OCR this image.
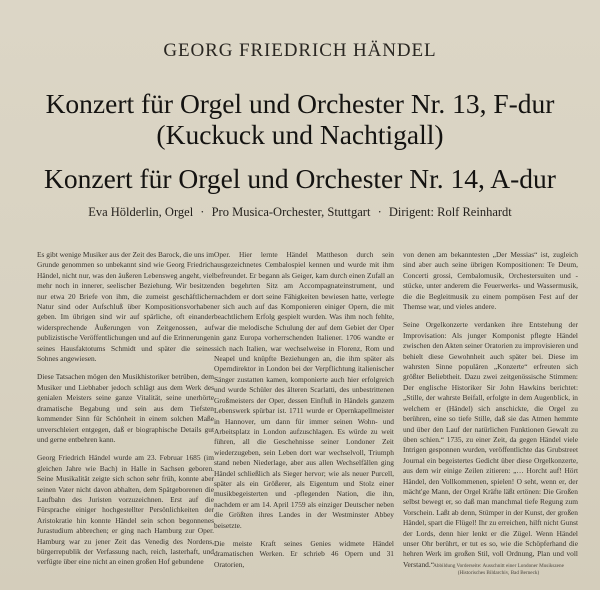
GEORG FRIEDRICH HÄNDEL
Konzert für Orgel und Orchester Nr. 13, F-dur
(Kuckuck und Nachtigall)
Konzert für Orgel und Orchester Nr. 14, A-dur
Eva Hölderlin, Orgel · Pro Musica-Orchester, Stuttgart · Dirigent: Rolf Reinhardt

Es gibt wenige Musiker aus der Zeit des Barock, die uns im Grunde genommen so unbekannt sind wie Georg Friedrich Händel, nicht nur, was den äußeren Lebensweg angeht, viel mehr noch in innerer, seelischer Beziehung. Wir besitzen nur etwa 20 Briefe von ihm, die zumeist geschäftlicher Natur sind oder Aufschluß über Kompositionsvorhaben geben. Im übrigen sind wir auf spärliche, oft einander widersprechende Äußerungen von Zeitgenossen, auf publizistische Veröffentlichungen und auf die Erinnerungen seines Hausfaktotums Schmidt und später die seines Sohnes angewiesen.

Diese Tatsachen mögen den Musikhistoriker betrüben, dem Musiker und Liebhaber jedoch schlägt aus dem Werk des genialen Meisters seine ganze Vitalität, seine unerhörte dramatische Begabung und sein aus dem Tiefsten kommender Sinn für Schönheit in einem solchen Maße unverschleiert entgegen, daß er biographische Details gut und gerne entbehren kann.

Georg Friedrich Händel wurde am 23. Februar 1685 (im gleichen Jahre wie Bach) in Halle in Sachsen geboren. Seine Musikalität zeigte sich schon sehr früh, konnte aber seinen Vater nicht davon abhalten, dem Spätgeborenen die Laufbahn des Juristen vorzuzeichnen. Erst auf die Fürsprache einiger hochgestellter Persönlichkeiten der Aristokratie hin konnte Händel sein schon begonnenes Jurastudium abbrechen; er ging nach Hamburg zur Oper. Hamburg war zu jener Zeit das Venedig des Nordens, bürgerrepublik der Verfassung nach, reich, lasterhaft, und verfügte über eine nicht an einen großen Hof gebundene

Oper. Hier lernte Händel Mattheson durch sein ausgezeichnetes Cembalospiel kennen und wurde mit ihm befreundet. Er begann als Geiger, kam durch einen Zufall an den begehrten Sitz am Accompagnateinstrument, und nachdem er dort seine Fähigkeiten bewiesen hatte, verlegte er sich auch auf das Komponieren einiger Opern, die mit beachtlichem Erfolg gespielt wurden. Was ihm noch fehlte, war die melodische Schulung der auf dem Gebiet der Oper in ganz Europa vorherrschenden Italiener. 1706 wandte er sich nach Italien, war wechselweise in Florenz, Rom und Neapel und knüpfte Beziehungen an, die ihm später als Operndirektor in London bei der Verpflichtung italienischer Sänger zustatten kamen, komponierte auch hier erfolgreich und wurde Schüler des älteren Scarlatti, des unbestrittenen Großmeisters der Oper, dessen Einfluß in Händels ganzem Lebenswerk spürbar ist. 1711 wurde er Opernkapellmeister in Hannover, um dann für immer seinen Wohn- und Arbeitsplatz in London aufzuschlagen. Es würde zu weit führen, all die Geschehnisse seiner Londoner Zeit wiederzugeben, sein Leben dort war wechselvoll, Triumph stand neben Niederlage, aber aus allen Wechselfällen ging Händel schließlich als Sieger hervor; wie als neuer Purcell, später als ein Größerer, als Eigentum und Stolz einer musikbegeisterten und -pflegenden Nation, die ihn, nachdem er am 14. April 1759 als einziger Deutscher neben die Größten ihres Landes in der Westminster Abbey beisetzte.

Die meiste Kraft seines Genies widmete Händel dramatischen Werken. Er schrieb 46 Opern und 31 Oratorien,

von denen am bekanntesten „Der Messias“ ist, zugleich sind aber auch seine übrigen Kompositionen: Te Deum, Concerti grossi, Cembalomusik, Orchestersuiten und -stücke, unter anderem die Feuerwerks- und Wassermusik, die die Begleitmusik zu einem pompösen Fest auf der Themse war, und vieles andere.

Seine Orgelkonzerte verdanken ihre Entstehung der Improvisation: Als junger Komponist pflegte Händel zwischen den Akten seiner Oratorien zu improvisieren und behielt diese Gewohnheit auch später bei. Diese im wahrsten Sinne populären „Konzerte“ erfreuten sich größter Beliebtheit. Dazu zwei zeitgenössische Stimmen: Der englische Historiker Sir John Hawkins berichtet: „Stille, der wahrste Beifall, erfolgte in dem Augenblick, in welchem er (Händel) sich anschickte, die Orgel zu berühren, eine so tiefe Stille, daß sie das Atmen hemmte und über den Lauf der natürlichen Funktionen Gewalt zu üben schien.“ 1735, zu einer Zeit, da gegen Händel viele Intrigen gesponnen wurden, veröffentlichte das Grubstreet Journal ein begeistertes Gedicht über diese Orgelkonzerte, aus dem wir einige Zeilen zitieren: „… Horcht auf! Hört Händel, den Vollkommenen, spielen! O seht, wenn er, der mächt'ge Mann, der Orgel Kräfte läßt ertönen: Die Großen selbst bewegt er, so daß man manchmal tiefe Regung zum Vorschein. Laßt ab denn, Stümper in der Kunst, der großen Händel, spart die Flügel! Ihr zu erreichen, hilft nicht Gunst der Lords, denn hier lenkt er die Zügel. Wenn Händel unser Ohr berührt, er tut es so, wie die Schöpferhand die hehren Werk im großen Stil, voll Ordnung, Plan und voll Verstand.“ Abbildung Vorderseite: Ausschnitt einer Londoner Musikszene
(Historisches Bildarchiv, Bad Berneck)
